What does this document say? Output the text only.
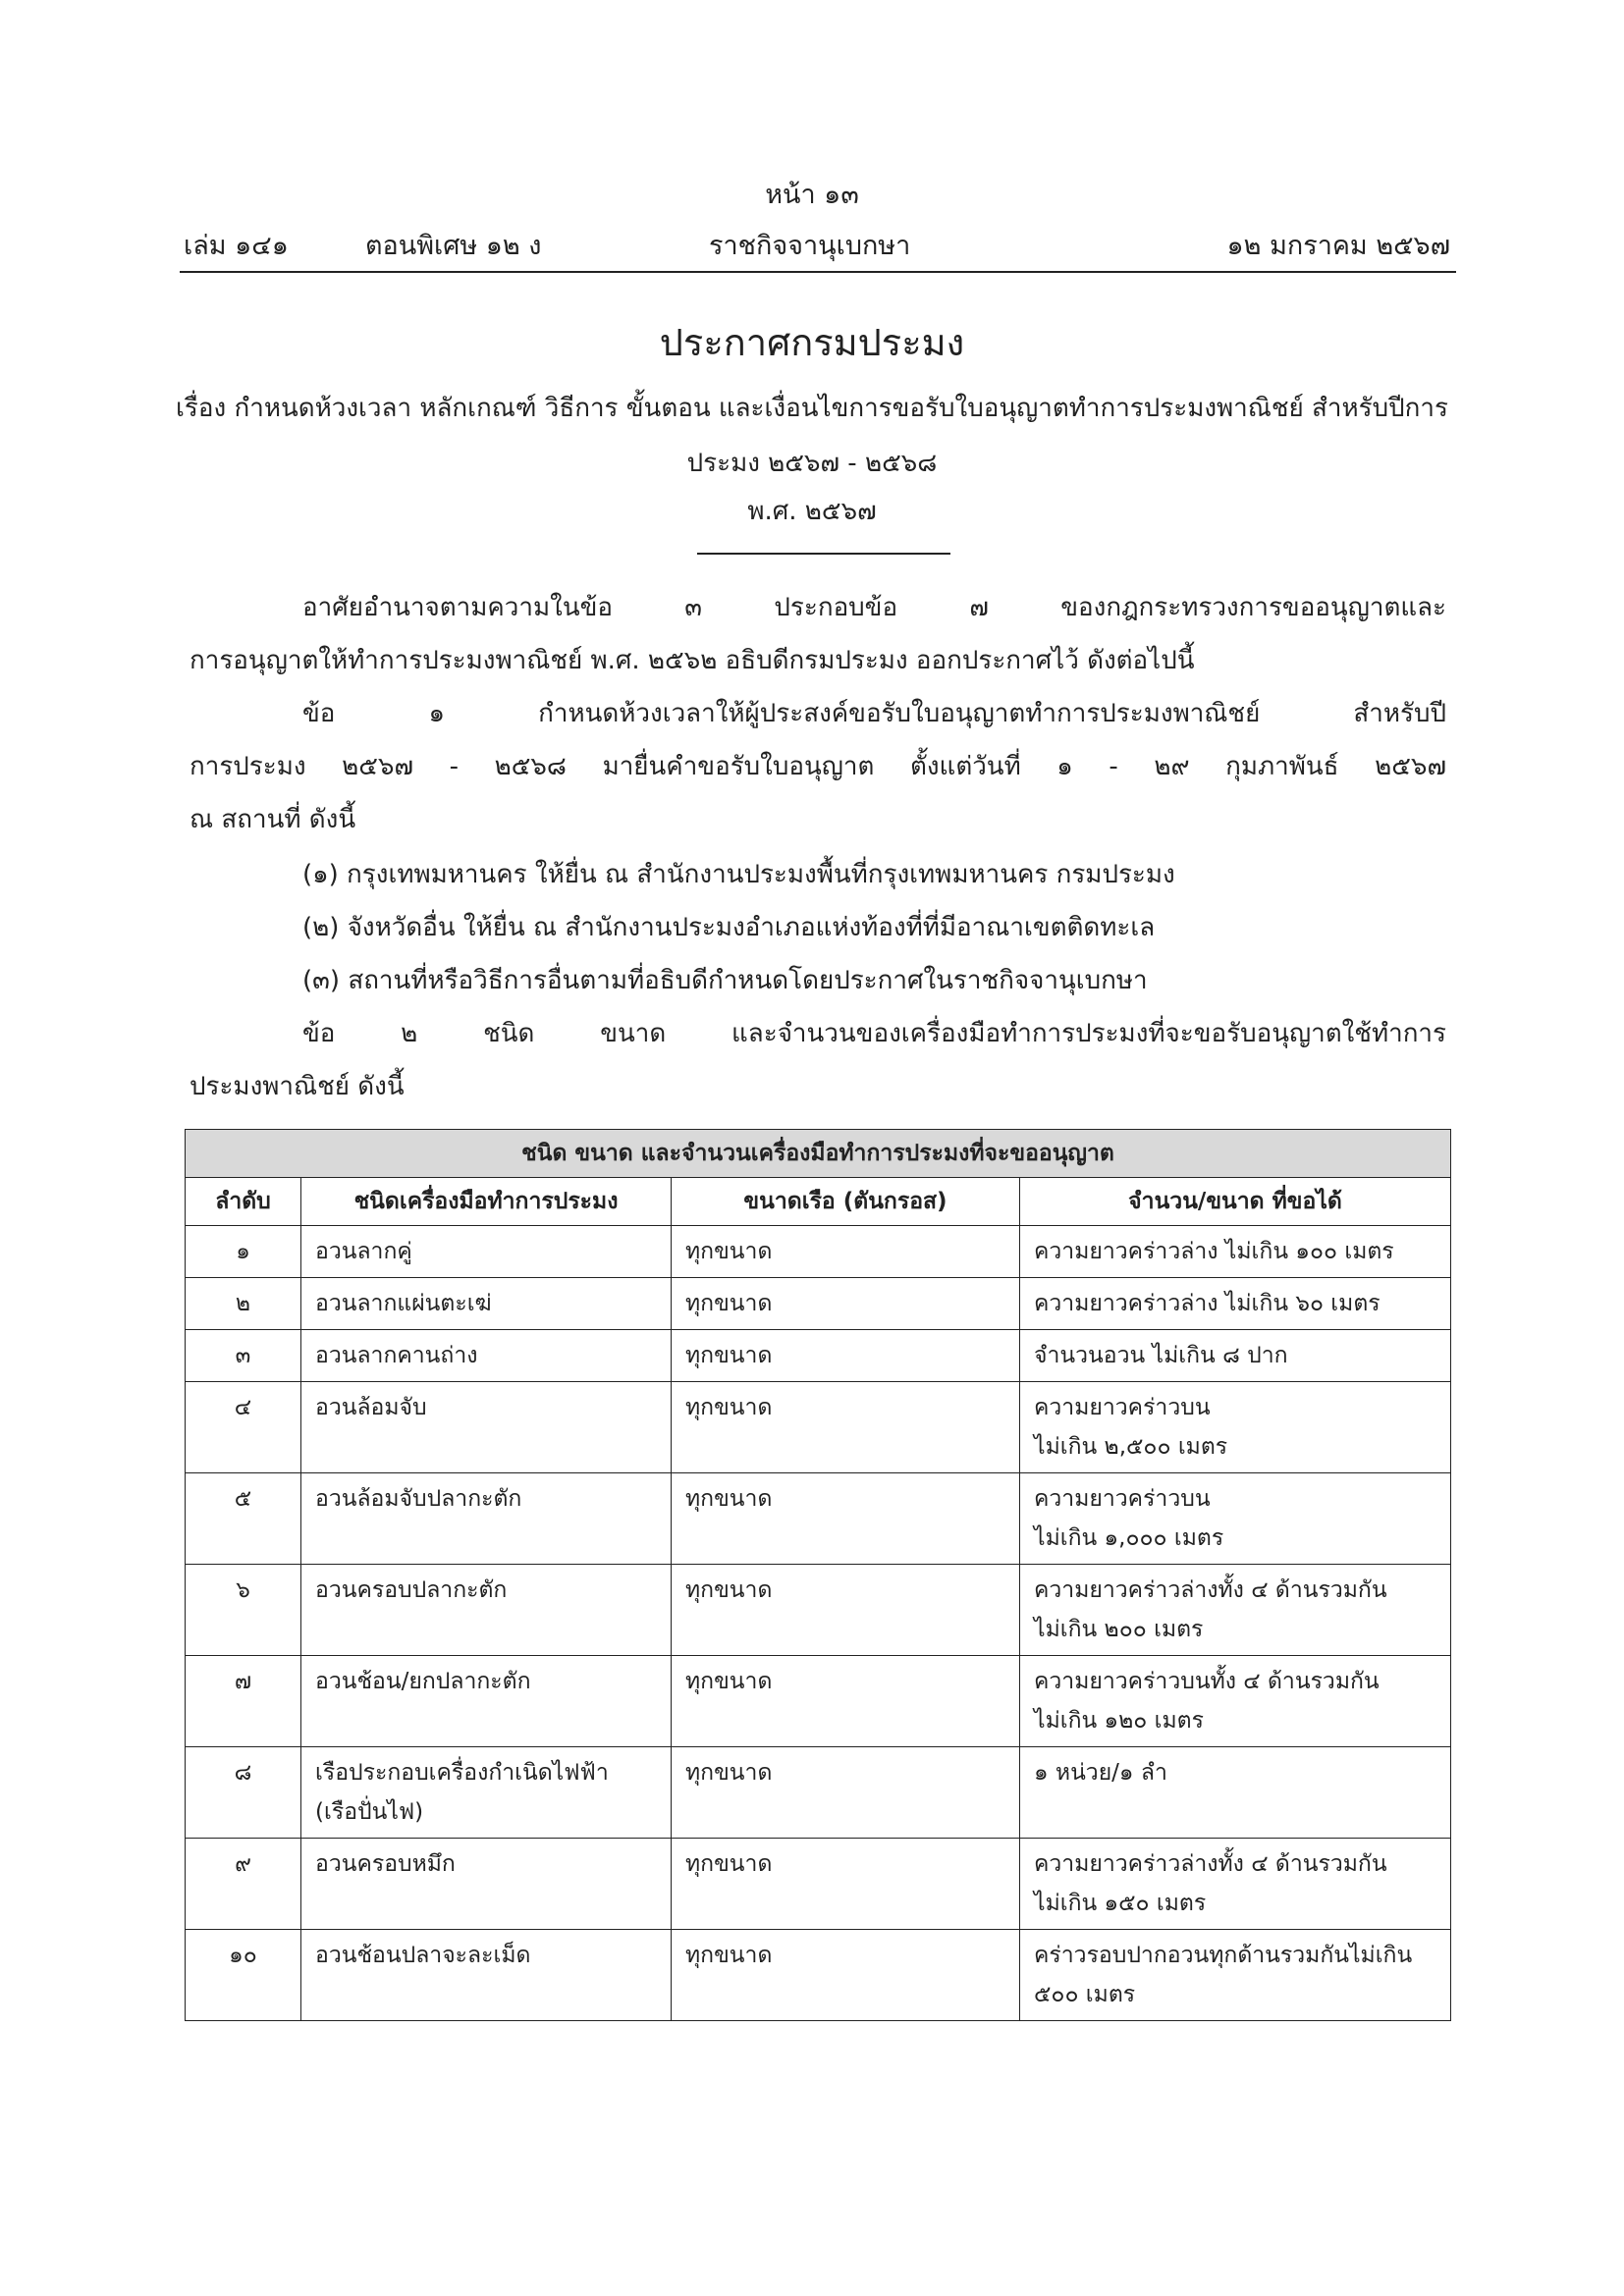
หน้า ๑๓
เล่ม ๑๔๑	ตอนพิเศษ ๑๒ ง	ราชกิจจานุเบกษา	๑๒ มกราคม ๒๕๖๗
ประกาศกรมประมง
เรื่อง กำหนดห้วงเวลา หลักเกณฑ์ วิธีการ ขั้นตอน และเงื่อนไขการขอรับใบอนุญาตทำการประมงพาณิชย์ สำหรับปีการประมง ๒๕๖๗ - ๒๕๖๘
พ.ศ. ๒๕๖๗
อาศัยอำนาจตามความในข้อ ๓ ประกอบข้อ ๗ ของกฎกระทรวงการขออนุญาตและ
การอนุญาตให้ทำการประมงพาณิชย์ พ.ศ. ๒๕๖๒ อธิบดีกรมประมง ออกประกาศไว้ ดังต่อไปนี้
ข้อ ๑ กำหนดห้วงเวลาให้ผู้ประสงค์ขอรับใบอนุญาตทำการประมงพาณิชย์ สำหรับปี
การประมง ๒๕๖๗ - ๒๕๖๘ มายื่นคำขอรับใบอนุญาต ตั้งแต่วันที่ ๑ - ๒๙ กุมภาพันธ์ ๒๕๖๗
ณ สถานที่ ดังนี้
(๑) กรุงเทพมหานคร ให้ยื่น ณ สำนักงานประมงพื้นที่กรุงเทพมหานคร กรมประมง
(๒) จังหวัดอื่น ให้ยื่น ณ สำนักงานประมงอำเภอแห่งท้องที่ที่มีอาณาเขตติดทะเล
(๓) สถานที่หรือวิธีการอื่นตามที่อธิบดีกำหนดโดยประกาศในราชกิจจานุเบกษา
ข้อ ๒ ชนิด ขนาด และจำนวนของเครื่องมือทำการประมงที่จะขอรับอนุญาตใช้ทำการ
ประมงพาณิชย์ ดังนี้
ชนิด ขนาด และจำนวนเครื่องมือทำการประมงที่จะขออนุญาต			
ลำดับ	ชนิดเครื่องมือทำการประมง	ขนาดเรือ (ตันกรอส)	จำนวน/ขนาด ที่ขอได้

๑	อวนลากคู่	ทุกขนาด	ความยาวคร่าวล่าง ไม่เกิน ๑๐๐ เมตร

๒	อวนลากแผ่นตะเฆ่	ทุกขนาด	ความยาวคร่าวล่าง ไม่เกิน ๖๐ เมตร

๓	อวนลากคานถ่าง	ทุกขนาด	จำนวนอวน ไม่เกิน ๘ ปาก

๔	อวนล้อมจับ	ทุกขนาด	ความยาวคร่าวบน
ไม่เกิน ๒,๕๐๐ เมตร

๕	อวนล้อมจับปลากะตัก	ทุกขนาด	ความยาวคร่าวบน
ไม่เกิน ๑,๐๐๐ เมตร

๖	อวนครอบปลากะตัก	ทุกขนาด	ความยาวคร่าวล่างทั้ง ๔ ด้านรวมกัน
ไม่เกิน ๒๐๐ เมตร

๗	อวนช้อน/ยกปลากะตัก	ทุกขนาด	ความยาวคร่าวบนทั้ง ๔ ด้านรวมกัน
ไม่เกิน ๑๒๐ เมตร

๘	เรือประกอบเครื่องกำเนิดไฟฟ้า
(เรือปั่นไฟ)	ทุกขนาด	๑ หน่วย/๑ ลำ

๙	อวนครอบหมึก	ทุกขนาด	ความยาวคร่าวล่างทั้ง ๔ ด้านรวมกัน
ไม่เกิน ๑๕๐ เมตร

๑๐	อวนช้อนปลาจะละเม็ด	ทุกขนาด	คร่าวรอบปากอวนทุกด้านรวมกันไม่เกิน
๕๐๐ เมตร
